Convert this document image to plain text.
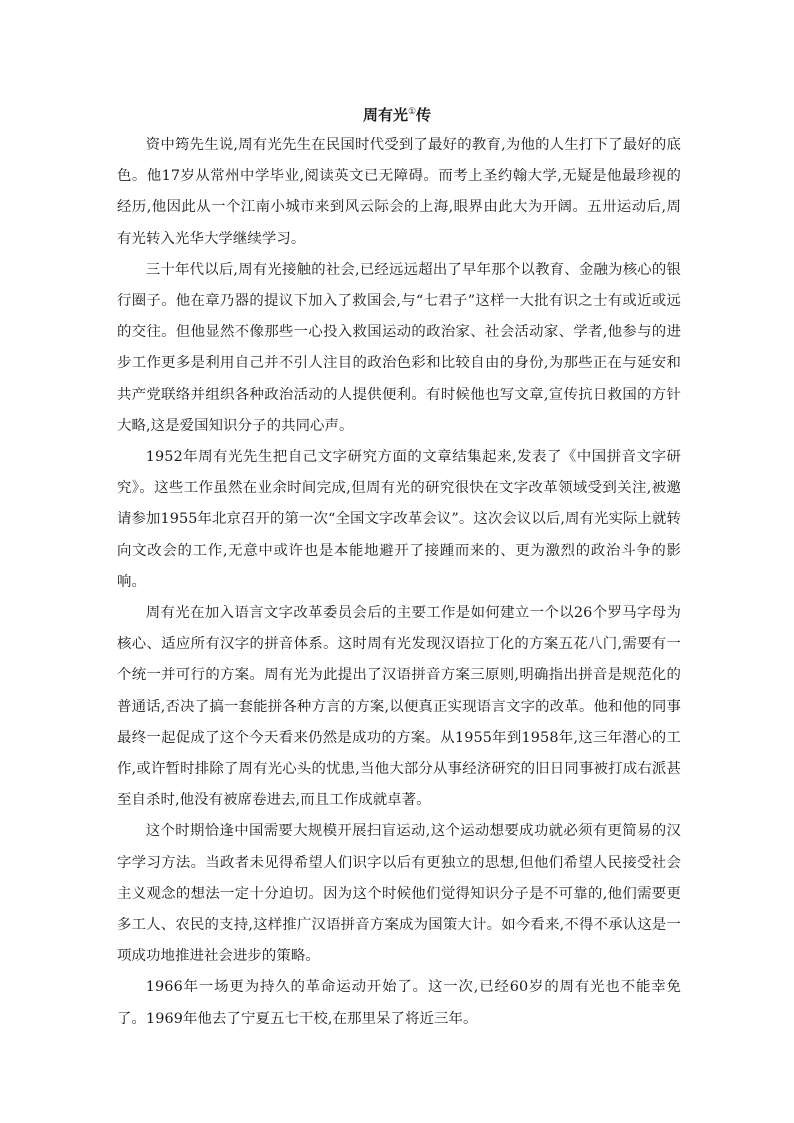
周有光①传

资中筠先生说,周有光先生在民国时代受到了最好的教育,为他的人生打下了最好的底色。他17岁从常州中学毕业,阅读英文已无障碍。而考上圣约翰大学,无疑是他最珍视的经历,他因此从一个江南小城市来到风云际会的上海,眼界由此大为开阔。五卅运动后,周有光转入光华大学继续学习。

三十年代以后,周有光接触的社会,已经远远超出了早年那个以教育、金融为核心的银行圈子。他在章乃器的提议下加入了救国会,与“七君子”这样一大批有识之士有或近或远的交往。但他显然不像那些一心投入救国运动的政治家、社会活动家、学者,他参与的进步工作更多是利用自己并不引人注目的政治色彩和比较自由的身份,为那些正在与延安和共产党联络并组织各种政治活动的人提供便利。有时候他也写文章,宣传抗日救国的方针大略,这是爱国知识分子的共同心声。

1952年周有光先生把自己文字研究方面的文章结集起来,发表了《中国拼音文字研究》。这些工作虽然在业余时间完成,但周有光的研究很快在文字改革领域受到关注,被邀请参加1955年北京召开的第一次“全国文字改革会议”。这次会议以后,周有光实际上就转向文改会的工作,无意中或许也是本能地避开了接踵而来的、更为激烈的政治斗争的影响。

周有光在加入语言文字改革委员会后的主要工作是如何建立一个以26个罗马字母为核心、适应所有汉字的拼音体系。这时周有光发现汉语拉丁化的方案五花八门,需要有一个统一并可行的方案。周有光为此提出了汉语拼音方案三原则,明确指出拼音是规范化的普通话,否决了搞一套能拼各种方言的方案,以便真正实现语言文字的改革。他和他的同事最终一起促成了这个今天看来仍然是成功的方案。从1955年到1958年,这三年潜心的工作,或许暂时排除了周有光心头的忧患,当他大部分从事经济研究的旧日同事被打成右派甚至自杀时,他没有被席卷进去,而且工作成就卓著。

这个时期恰逢中国需要大规模开展扫盲运动,这个运动想要成功就必须有更简易的汉字学习方法。当政者未见得希望人们识字以后有更独立的思想,但他们希望人民接受社会主义观念的想法一定十分迫切。因为这个时候他们觉得知识分子是不可靠的,他们需要更多工人、农民的支持,这样推广汉语拼音方案成为国策大计。如今看来,不得不承认这是一项成功地推进社会进步的策略。

1966年一场更为持久的革命运动开始了。这一次,已经60岁的周有光也不能幸免了。1969年他去了宁夏五七干校,在那里呆了将近三年。
